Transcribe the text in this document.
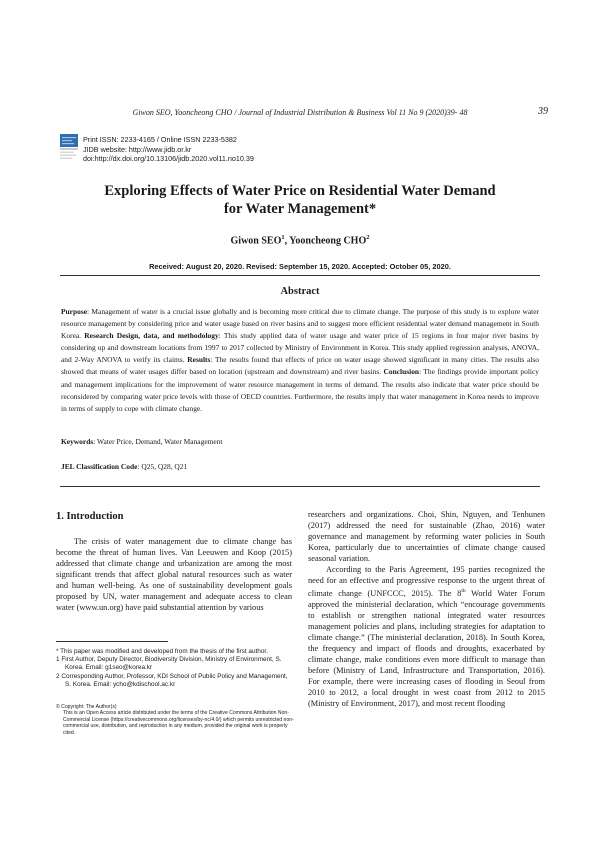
Giwon SEO, Yooncheong CHO / Journal of Industrial Distribution & Business Vol 11 No 9 (2020)39- 48	39
Print ISSN: 2233-4165 / Online ISSN 2233-5382
JIDB website: http://www.jidb.or.kr
doi:http://dx.doi.org/10.13106/jidb.2020.vol11.no10.39
Exploring Effects of Water Price on Residential Water Demand
for Water Management*
Giwon SEO$^1$, Yooncheong CHO$^2$
Received: August 20, 2020. Revised: September 15, 2020. Accepted: October 05, 2020.
Abstract
Purpose: Management of water is a crucial issue globally and is becoming more critical due to climate change. The purpose of this study is to explore water resource management by considering price and water usage based on river basins and to suggest more efficient residential water demand management in South Korea. Research Design, data, and methodology: This study applied data of water usage and water price of 15 regions in four major river basins by considering up and downstream locations from 1997 to 2017 collected by Ministry of Environment in Korea. This study applied regression analyses, ANOVA, and 2-Way ANOVA to verify its claims. Results: The results found that effects of price on water usage showed significant in many cities. The results also showed that means of water usages differ based on location (upstream and downstream) and river basins. Conclusion: The findings provide important policy and management implications for the improvement of water resource management in terms of demand. The results also indicate that water price should be reconsidered by comparing water price levels with those of OECD countries. Furthermore, the results imply that water management in Korea needs to improve in terms of supply to cope with climate change.
Keywords: Water Price, Demand, Water Management
JEL Classification Code: Q25, Q28, Q21
1. Introduction

The crisis of water management due to climate change has become the threat of human lives. Van Leeuwen and Koop (2015) addressed that climate change and urbanization are among the most significant trends that affect global natural resources such as water and human well-being. As one of sustainability development goals proposed by UN, water management and adequate access to clean water (www.un.org) have paid substantial attention by various

* This paper was modified and developed from the thesis of the first author.

1 First Author, Deputy Director, Biodiversity Division, Ministry of Environment, S. Korea. Email: g1seo@korea.kr

2 Corresponding Author, Professor, KDI School of Public Policy and Management, S. Korea. Email: ycho@kdischool.ac.kr

© Copyright: The Author(s)
This is an Open Access article distributed under the terms of the Creative Commons Attribution Non-Commercial License (https://creativecommons.org/licenses/by-nc/4.0/) which permits unrestricted non-commercial use, distribution, and reproduction in any medium, provided the original work is properly cited.

researchers and organizations. Choi, Shin, Nguyen, and Tenhunen (2017) addressed the need for sustainable (Zhao, 2016) water governance and management by reforming water policies in South Korea, particularly due to uncertainties of climate change caused seasonal variation.

According to the Paris Agreement, 195 parties recognized the need for an effective and progressive response to the urgent threat of climate change (UNFCCC, 2015). The 8th World Water Forum approved the ministerial declaration, which “encourage governments to establish or strengthen national integrated water resources management policies and plans, including strategies for adaptation to climate change.” (The ministerial declaration, 2018). In South Korea, the frequency and impact of floods and droughts, exacerbated by climate change, make conditions even more difficult to manage than before (Ministry of Land, Infrastructure and Transportation, 2016). For example, there were increasing cases of flooding in Seoul from 2010 to 2012, a local drought in west coast from 2012 to 2015 (Ministry of Environment, 2017), and most recent flooding
